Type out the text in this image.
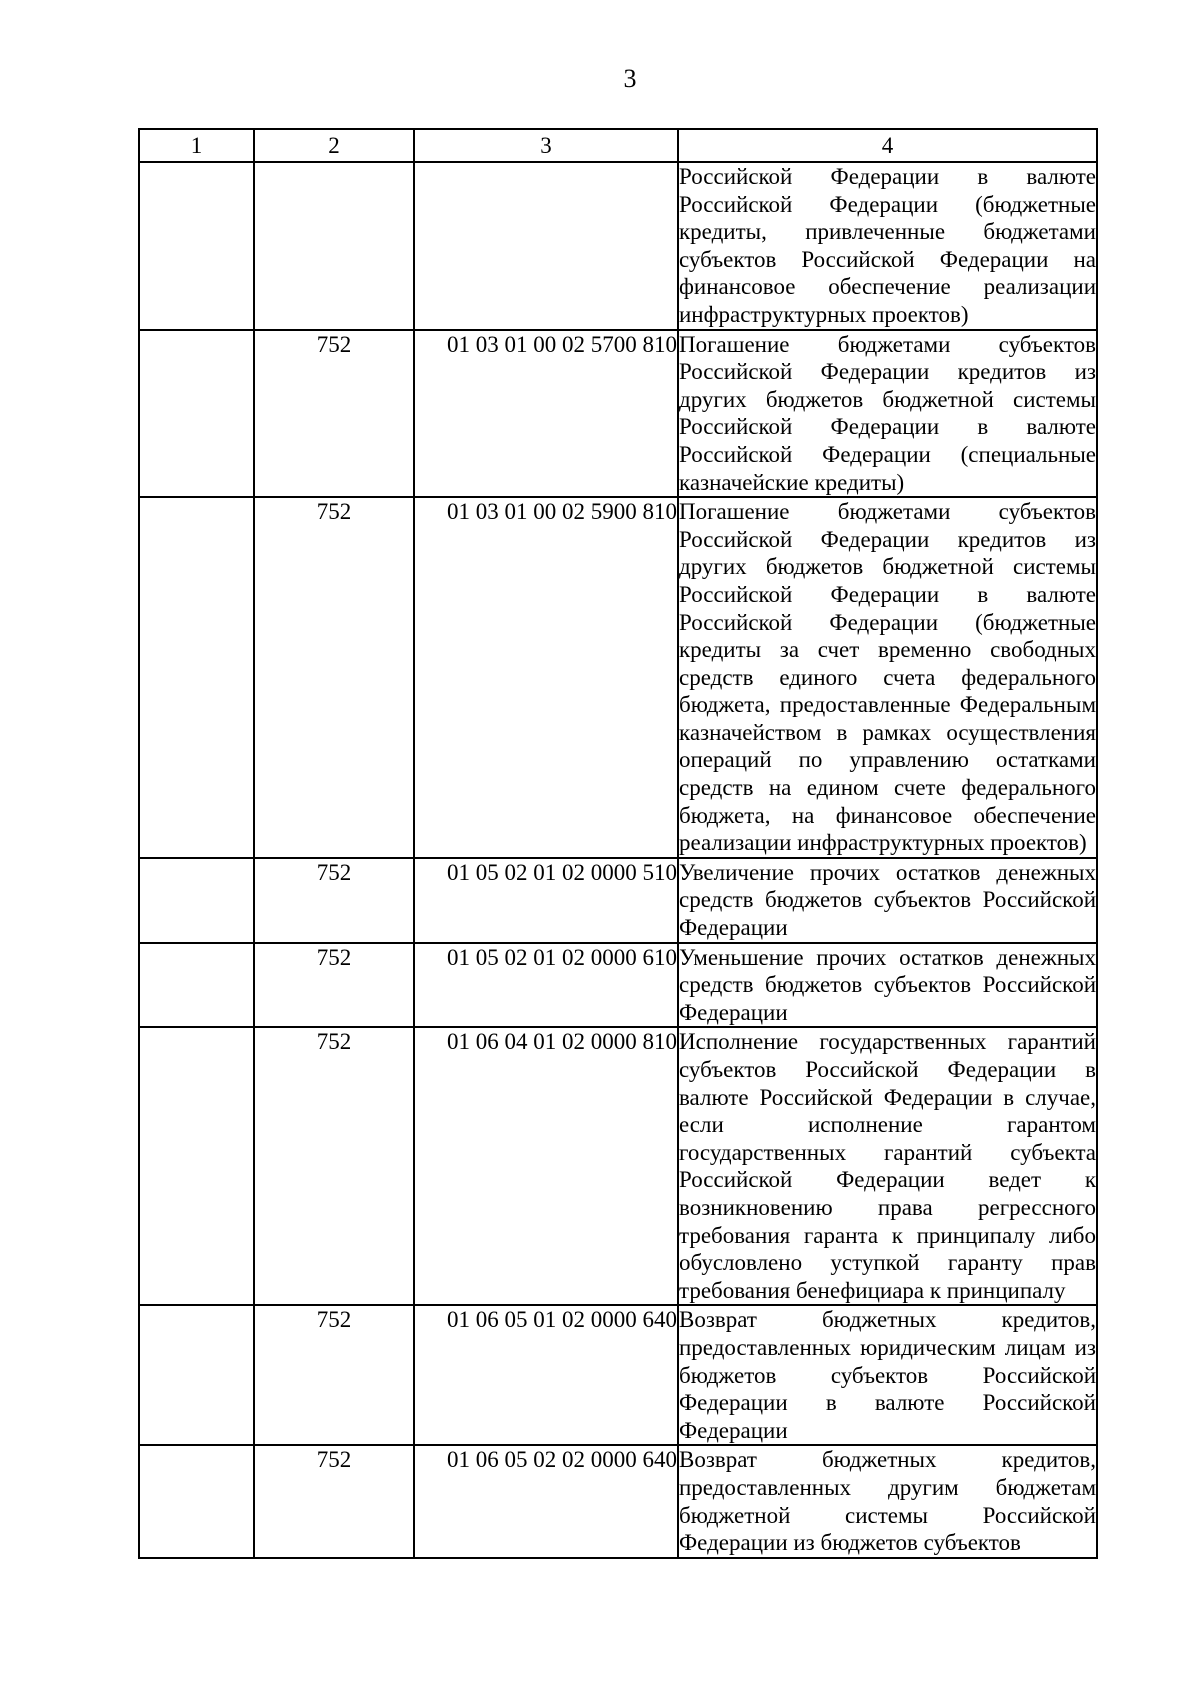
3
1	2	3	4
			Российской Федерации в валюте Российской Федерации (бюджетные кредиты, привлеченные бюджетами субъектов Российской Федерации на финансовое обеспечение реализации инфраструктурных проектов)
	752	01 03 01 00 02 5700 810	Погашение бюджетами субъектов Российской Федерации кредитов из других бюджетов бюджетной системы Российской Федерации в валюте Российской Федерации (специальные казначейские кредиты)
	752	01 03 01 00 02 5900 810	Погашение бюджетами субъектов Российской Федерации кредитов из других бюджетов бюджетной системы Российской Федерации в валюте Российской Федерации (бюджетные кредиты за счет временно свободных средств единого счета федерального бюджета, предоставленные Федеральным казначейством в рамках осуществления операций по управлению остатками средств на едином счете федерального бюджета, на финансовое обеспечение реализации инфраструктурных проектов)
	752	01 05 02 01 02 0000 510	Увеличение прочих остатков денежных средств бюджетов субъектов Российской Федерации
	752	01 05 02 01 02 0000 610	Уменьшение прочих остатков денежных средств бюджетов субъектов Российской Федерации
	752	01 06 04 01 02 0000 810	Исполнение государственных гарантий субъектов Российской Федерации в валюте Российской Федерации в случае, если исполнение гарантом государственных гарантий субъекта Российской Федерации ведет к возникновению права регрессного требования гаранта к принципалу либо обусловлено уступкой гаранту прав требования бенефициара к принципалу
	752	01 06 05 01 02 0000 640	Возврат бюджетных кредитов, предоставленных юридическим лицам из бюджетов субъектов Российской Федерации в валюте Российской Федерации
	752	01 06 05 02 02 0000 640	Возврат бюджетных кредитов, предоставленных другим бюджетам бюджетной системы Российской Федерации из бюджетов субъектов
